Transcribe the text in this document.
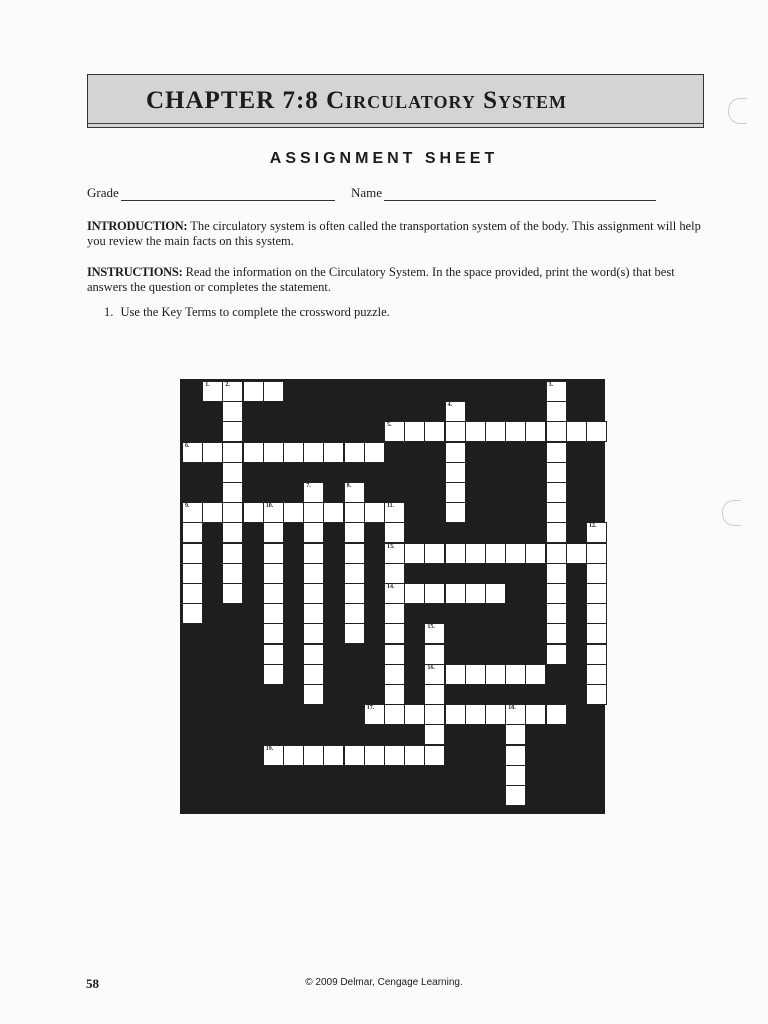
CHAPTER 7:8 Circulatory System
ASSIGNMENT SHEET
Grade	Name
INTRODUCTION: The circulatory system is often called the transportation system of the body. This assignment will help you review the main facts on this system.
INSTRUCTIONS: Read the information on the Circulatory System. In the space provided, print the word(s) that best answers the question or completes the statement.
1. Use the Key Terms to complete the crossword puzzle.
1.	2.	3.
4.
5.
6.
7.	8.
9.	10.	11.
12.
13.
14.
15.
16.
17.	18.
19.
58	© 2009 Delmar, Cengage Learning.
